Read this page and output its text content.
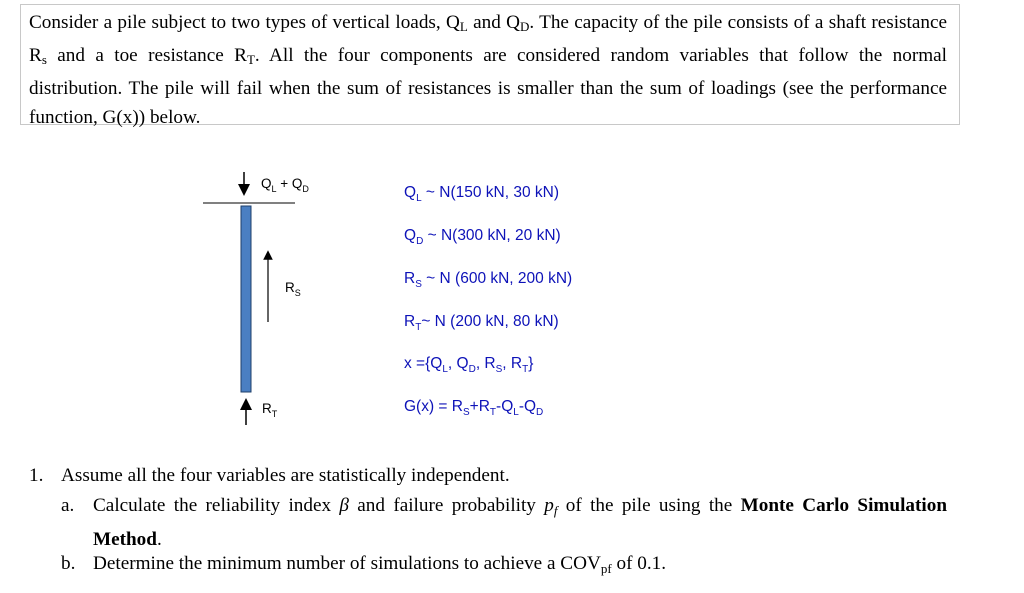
Consider a pile subject to two types of vertical loads, $Q_L$ and $Q_D$. The capacity of the pile consists of a shaft resistance $R_s$ and a toe resistance $R_T$. All the four components are considered random variables that follow the normal distribution. The pile will fail when the sum of resistances is smaller than the sum of loadings (see the performance function, G(x)) below.

$Q_L + Q_D$
$R_S$
$R_T$
$Q_L$ ~ N(150 kN, 30 kN)
$Q_D$ ~ N(300 kN, 20 kN)
$R_S$ ~ N (600 kN, 200 kN)
$R_T\sim$ N (200 kN, 80 kN)
$x =\{Q_L$, $Q_D$, $R_S$, $R_T$}
$G(x) = R_S+R_T-Q_L-Q_D$

1. Assume all the four variables are statistically independent.

a. Calculate the reliability index β and failure probability $p_f$ of the pile using the Monte Carlo Simulation Method.

b. Determine the minimum number of simulations to achieve a $COV_{pf}$ of 0.1.
